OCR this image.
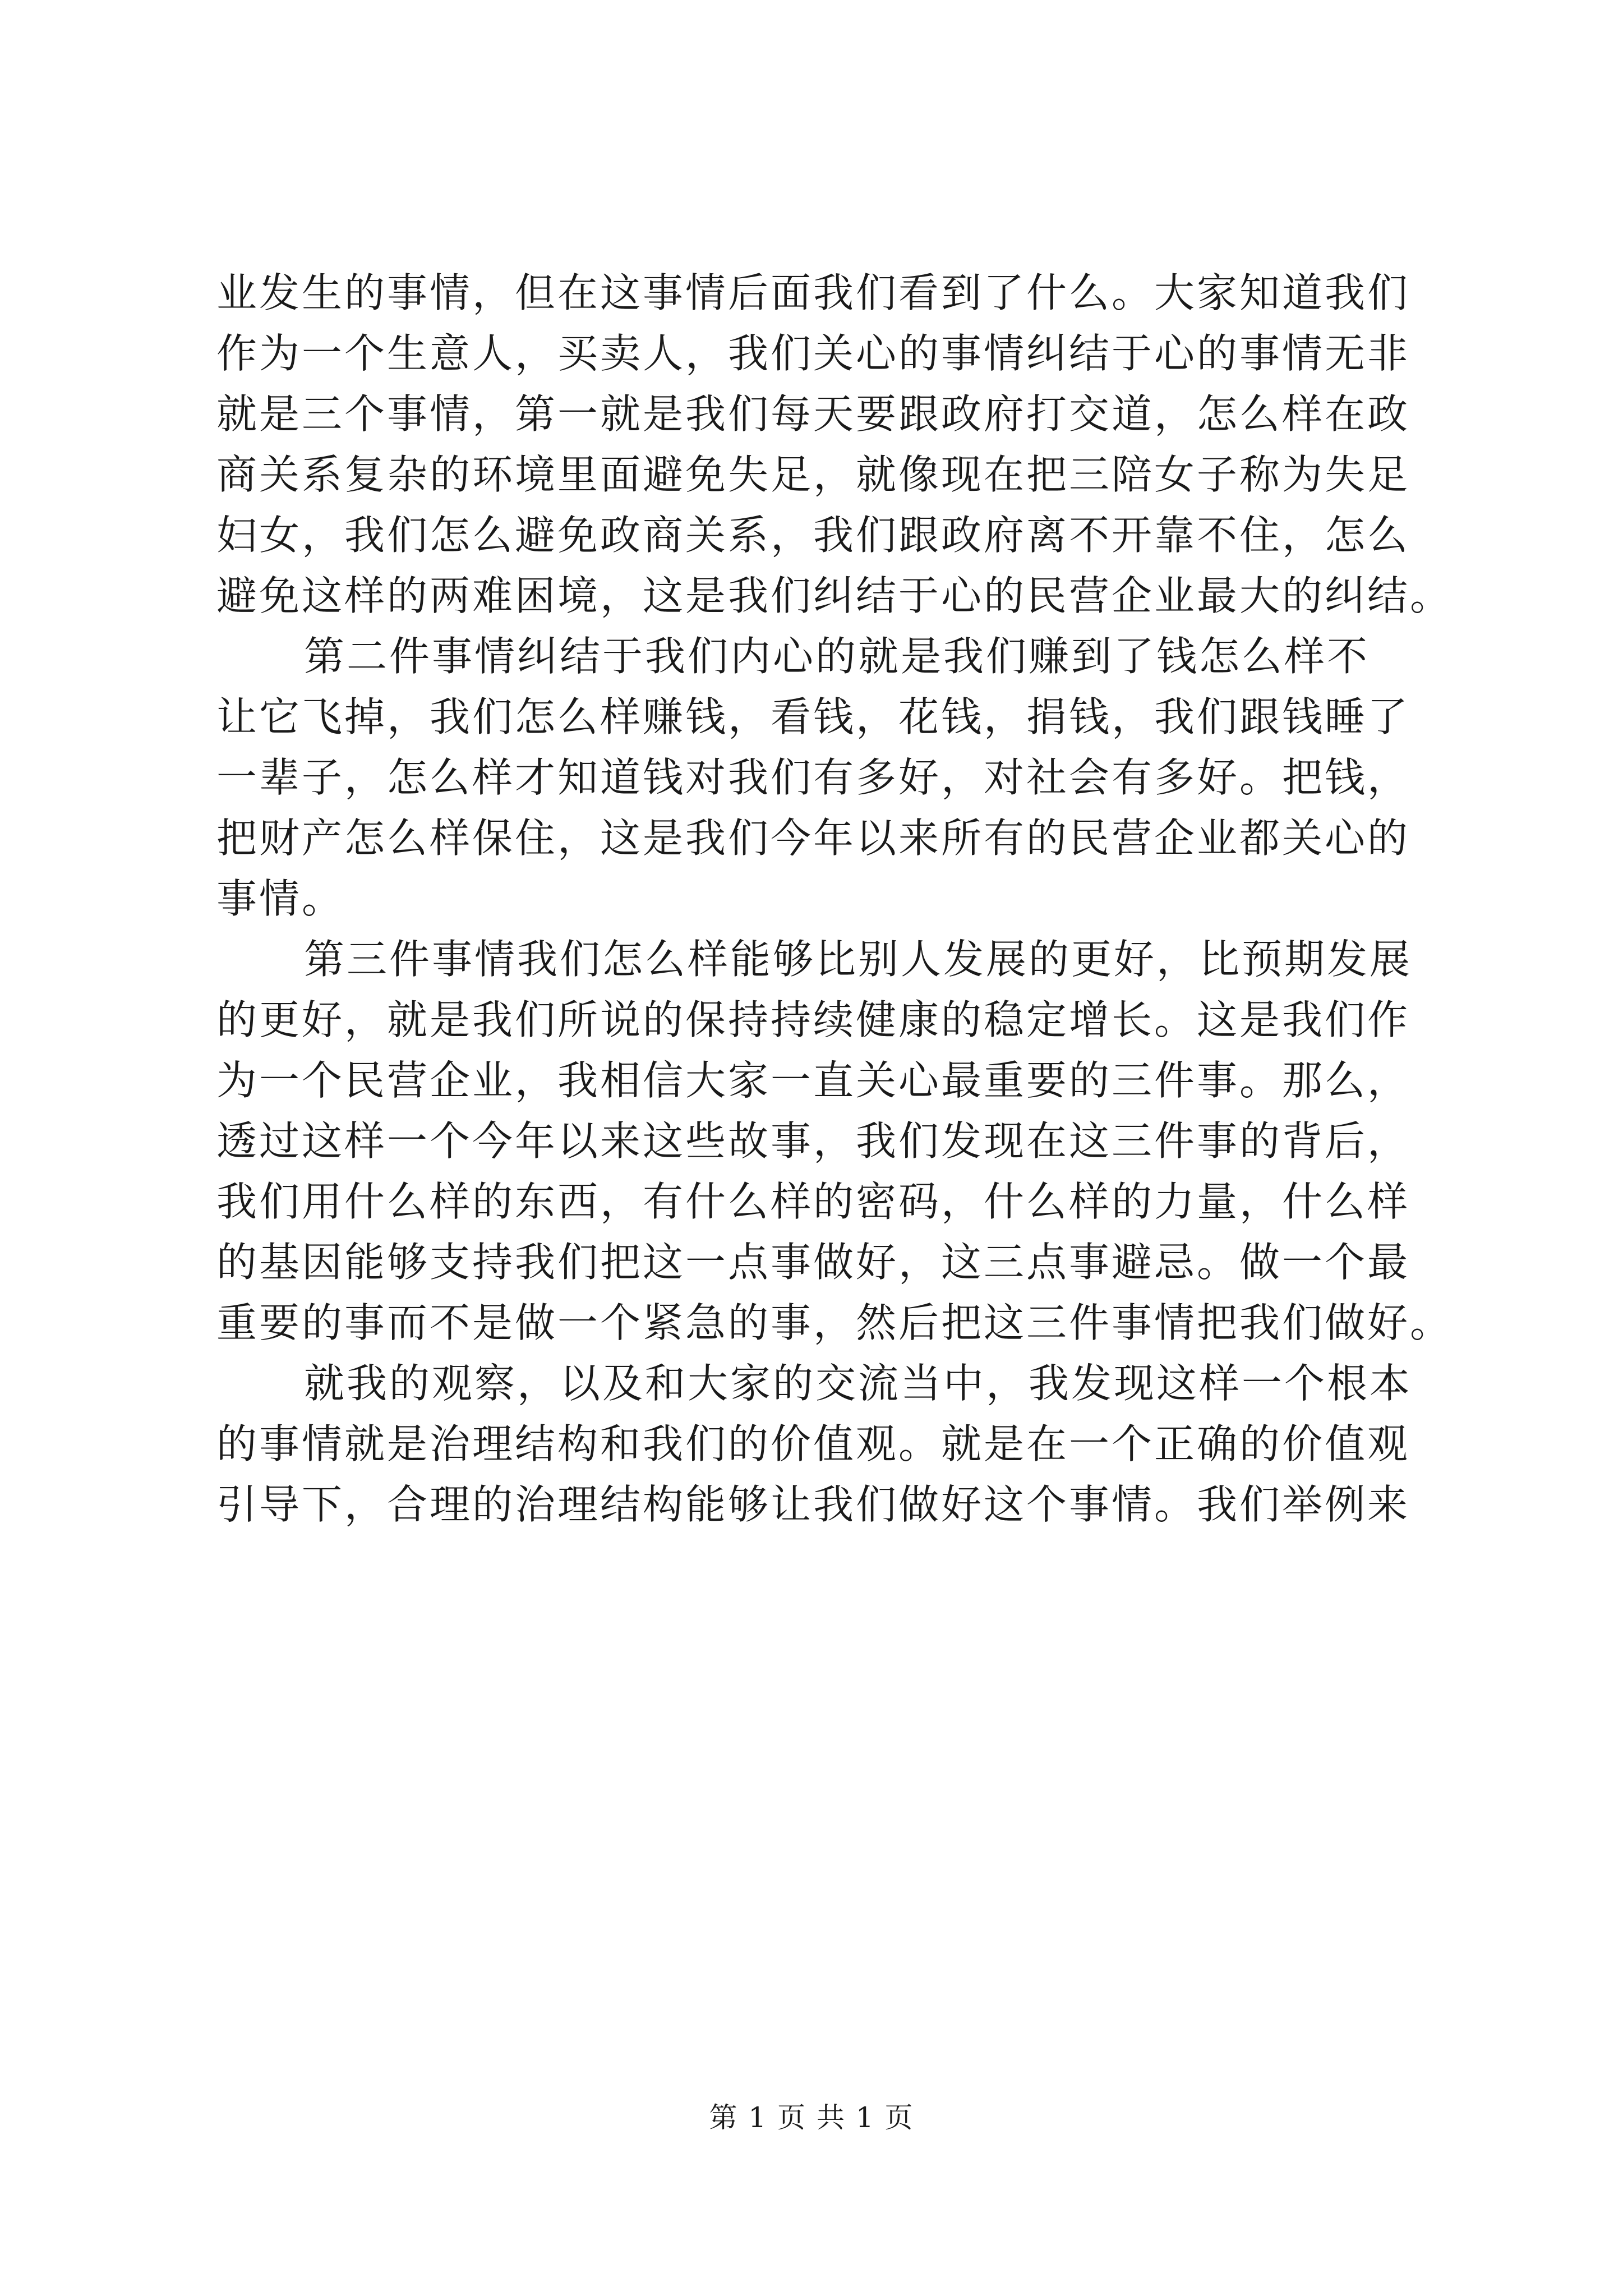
业发生的事情，但在这事情后面我们看到了什么。大家知道我们
作为一个生意人，买卖人，我们关心的事情纠结于心的事情无非
就是三个事情，第一就是我们每天要跟政府打交道，怎么样在政
商关系复杂的环境里面避免失足，就像现在把三陪女子称为失足
妇女，我们怎么避免政商关系，我们跟政府离不开靠不住，怎么
避免这样的两难困境，这是我们纠结于心的民营企业最大的纠结。
第二件事情纠结于我们内心的就是我们赚到了钱怎么样不
让它飞掉，我们怎么样赚钱，看钱，花钱，捐钱，我们跟钱睡了
一辈子，怎么样才知道钱对我们有多好，对社会有多好。把钱，
把财产怎么样保住，这是我们今年以来所有的民营企业都关心的
事情。
第三件事情我们怎么样能够比别人发展的更好，比预期发展
的更好，就是我们所说的保持持续健康的稳定增长。这是我们作
为一个民营企业，我相信大家一直关心最重要的三件事。那么，
透过这样一个今年以来这些故事，我们发现在这三件事的背后，
我们用什么样的东西，有什么样的密码，什么样的力量，什么样
的基因能够支持我们把这一点事做好，这三点事避忌。做一个最
重要的事而不是做一个紧急的事，然后把这三件事情把我们做好。
就我的观察，以及和大家的交流当中，我发现这样一个根本
的事情就是治理结构和我们的价值观。就是在一个正确的价值观
引导下，合理的治理结构能够让我们做好这个事情。我们举例来
第 1 页 共 1 页
